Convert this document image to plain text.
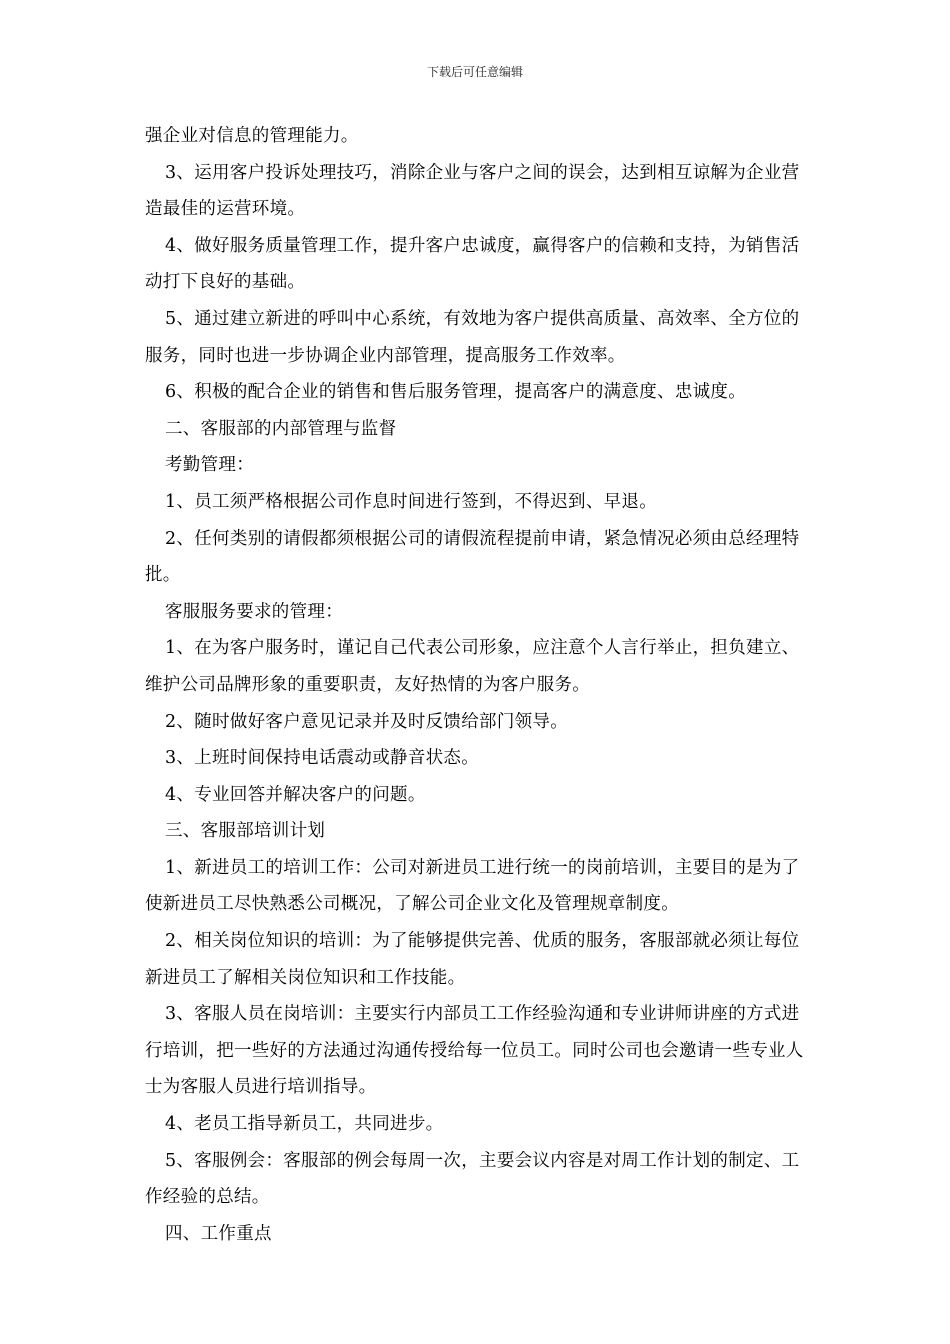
下载后可任意编辑

强企业对信息的管理能力。

3、运用客户投诉处理技巧，消除企业与客户之间的误会，达到相互谅解为企业营造最佳的运营环境。

4、做好服务质量管理工作，提升客户忠诚度，赢得客户的信赖和支持，为销售活动打下良好的基础。

5、通过建立新进的呼叫中心系统，有效地为客户提供高质量、高效率、全方位的服务，同时也进一步协调企业内部管理，提高服务工作效率。

6、积极的配合企业的销售和售后服务管理，提高客户的满意度、忠诚度。

二、客服部的内部管理与监督

考勤管理：

1、员工须严格根据公司作息时间进行签到，不得迟到、早退。

2、任何类别的请假都须根据公司的请假流程提前申请，紧急情况必须由总经理特批。

客服服务要求的管理：

1、在为客户服务时，谨记自己代表公司形象，应注意个人言行举止，担负建立、维护公司品牌形象的重要职责，友好热情的为客户服务。

2、随时做好客户意见记录并及时反馈给部门领导。

3、上班时间保持电话震动或静音状态。

4、专业回答并解决客户的问题。

三、客服部培训计划

1、新进员工的培训工作：公司对新进员工进行统一的岗前培训，主要目的是为了使新进员工尽快熟悉公司概况，了解公司企业文化及管理规章制度。

2、相关岗位知识的培训：为了能够提供完善、优质的服务，客服部就必须让每位新进员工了解相关岗位知识和工作技能。

3、客服人员在岗培训：主要实行内部员工工作经验沟通和专业讲师讲座的方式进行培训，把一些好的方法通过沟通传授给每一位员工。同时公司也会邀请一些专业人士为客服人员进行培训指导。

4、老员工指导新员工，共同进步。

5、客服例会：客服部的例会每周一次，主要会议内容是对周工作计划的制定、工作经验的总结。

四、工作重点
